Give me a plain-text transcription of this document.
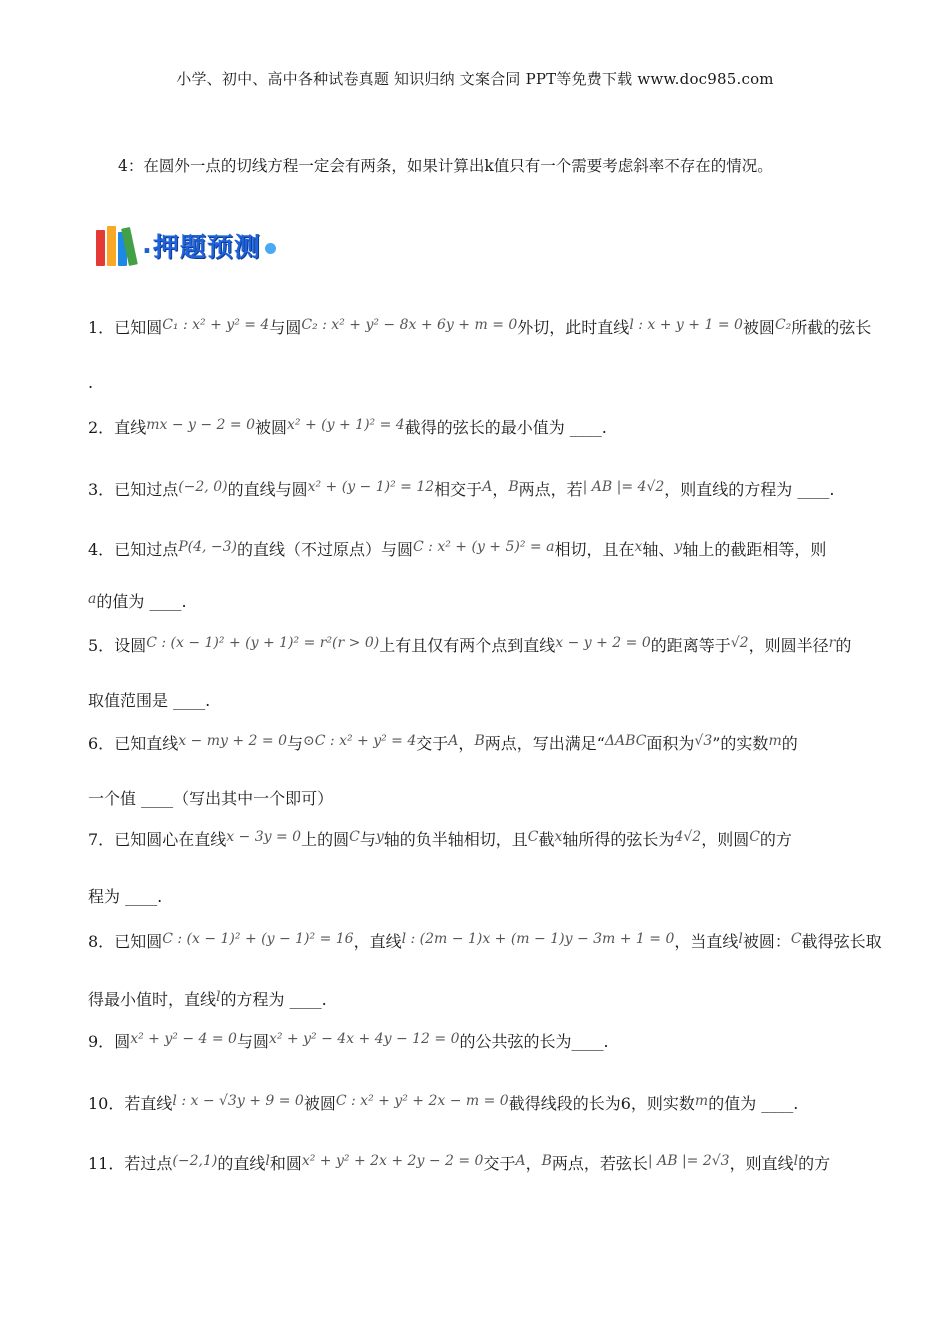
小学、初中、高中各种试卷真题 知识归纳 文案合同 PPT等免费下载 www.doc985.com
4：在圆外一点的切线方程一定会有两条，如果计算出k值只有一个需要考虑斜率不存在的情况。
. 押题预测
1．已知圆C₁ : x² + y² = 4与圆C₂ : x² + y² − 8x + 6y + m = 0外切，此时直线l : x + y + 1 = 0被圆C₂所截的弦长
.
2．直线mx − y − 2 = 0被圆x² + (y + 1)² = 4截得的弦长的最小值为 ____.
3．已知过点(−2, 0)的直线与圆x² + (y − 1)² = 12相交于A，B两点，若| AB |= 4√2，则直线的方程为 ____.
4．已知过点P(4, −3)的直线（不过原点）与圆C : x² + (y + 5)² = a相切，且在x轴、y轴上的截距相等，则
a的值为 ____.
5．设圆C : (x − 1)² + (y + 1)² = r²(r > 0)上有且仅有两个点到直线x − y + 2 = 0的距离等于√2，则圆半径r的
取值范围是 ____.
6．已知直线x − my + 2 = 0与⊙C : x² + y² = 4交于A，B两点，写出满足“ΔABC面积为√3”的实数m的
一个值 ____（写出其中一个即可）
7．已知圆心在直线x − 3y = 0上的圆C与y轴的负半轴相切，且C截x轴所得的弦长为4√2，则圆C的方
程为 ____.
8．已知圆C : (x − 1)² + (y − 1)² = 16，直线l : (2m − 1)x + (m − 1)y − 3m + 1 = 0，当直线l被圆：C截得弦长取
得最小值时，直线l的方程为 ____.
9．圆x² + y² − 4 = 0与圆x² + y² − 4x + 4y − 12 = 0的公共弦的长为____.
10．若直线l : x − √3y + 9 = 0被圆C : x² + y² + 2x − m = 0截得线段的长为6，则实数m的值为 ____.
11．若过点(−2,1)的直线l和圆x² + y² + 2x + 2y − 2 = 0交于A，B两点，若弦长| AB |= 2√3，则直线l的方
